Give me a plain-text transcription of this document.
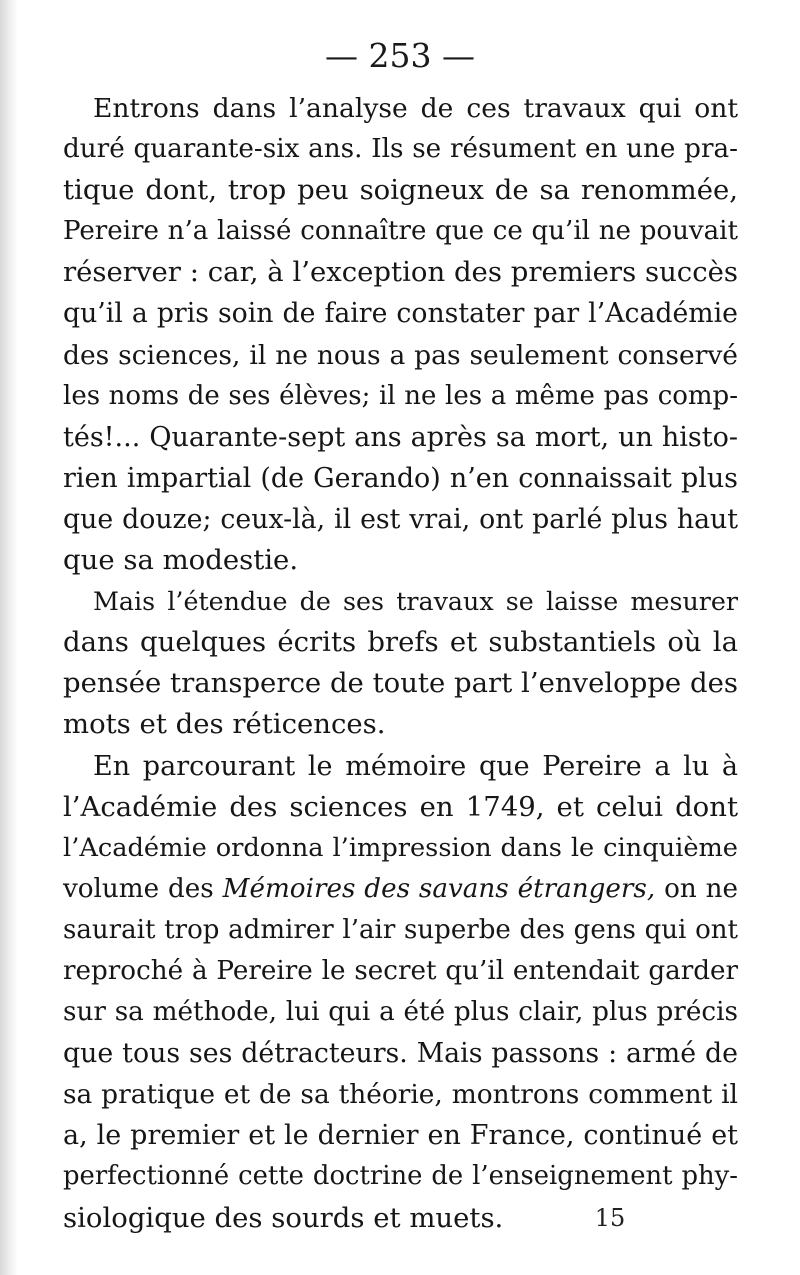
— 253 —
Entrons dans l’analyse de ces travaux qui ont
duré quarante-six ans. Ils se résument en une pra-
tique dont, trop peu soigneux de sa renommée,
Pereire n’a laissé connaître que ce qu’il ne pouvait
réserver : car, à l’exception des premiers succès
qu’il a pris soin de faire constater par l’Académie
des sciences, il ne nous a pas seulement conservé
les noms de ses élèves; il ne les a même pas comp-
tés!... Quarante-sept ans après sa mort, un histo-
rien impartial (de Gerando) n’en connaissait plus
que douze; ceux-là, il est vrai, ont parlé plus haut
que sa modestie.
Mais l’étendue de ses travaux se laisse mesurer
dans quelques écrits brefs et substantiels où la
pensée transperce de toute part l’enveloppe des
mots et des réticences.
En parcourant le mémoire que Pereire a lu à
l’Académie des sciences en 1749, et celui dont
l’Académie ordonna l’impression dans le cinquième
volume des Mémoires des savans étrangers, on ne
saurait trop admirer l’air superbe des gens qui ont
reproché à Pereire le secret qu’il entendait garder
sur sa méthode, lui qui a été plus clair, plus précis
que tous ses détracteurs. Mais passons : armé de
sa pratique et de sa théorie, montrons comment il
a, le premier et le dernier en France, continué et
perfectionné cette doctrine de l’enseignement phy-
siologique des sourds et muets.	15
